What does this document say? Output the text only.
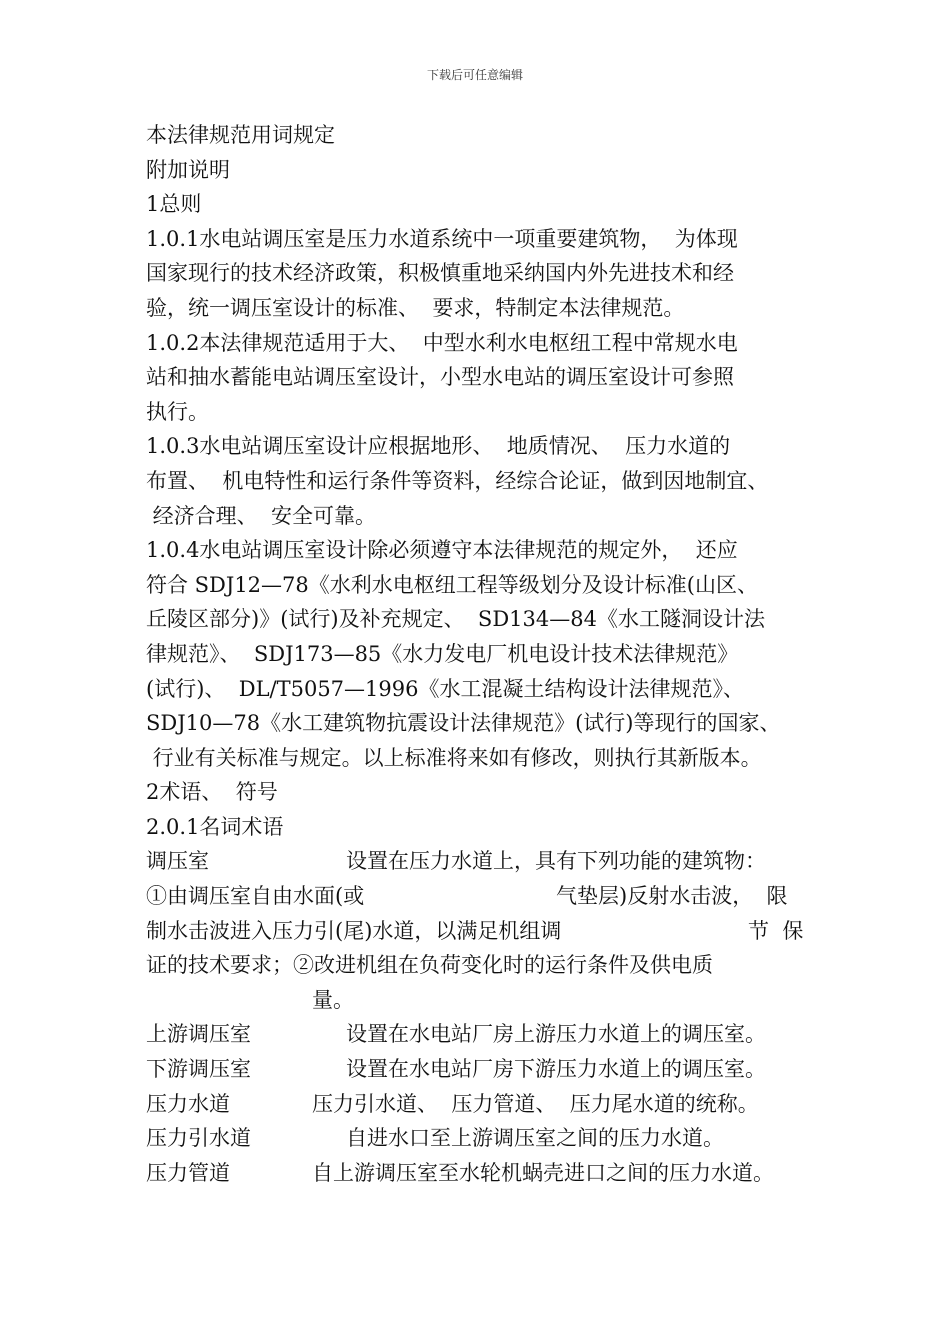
下载后可任意编辑
本法律规范用词规定
附加说明
1总则
1.0.1水电站调压室是压力水道系统中一项重要建筑物，  为体现
国家现行的技术经济政策，积极慎重地采纳国内外先进技术和经
验，统一调压室设计的标准、  要求，特制定本法律规范。
1.0.2本法律规范适用于大、  中型水利水电枢纽工程中常规水电
站和抽水蓄能电站调压室设计，小型水电站的调压室设计可参照
执行。
1.0.3水电站调压室设计应根据地形、  地质情况、  压力水道的
布置、  机电特性和运行条件等资料，经综合论证，做到因地制宜、
经济合理、  安全可靠。
1.0.4水电站调压室设计除必须遵守本法律规范的规定外，  还应
符合 SDJ12—78《水利水电枢纽工程等级划分及设计标准(山区、
丘陵区部分)》(试行)及补充规定、  SD134—84《水工隧洞设计法
律规范》、  SDJ173—85《水力发电厂机电设计技术法律规范》
(试行)、  DL/T5057—1996《水工混凝土结构设计法律规范》、
SDJ10—78《水工建筑物抗震设计法律规范》(试行)等现行的国家、
行业有关标准与规定。以上标准将来如有修改，则执行其新版本。
2术语、  符号
2.0.1名词术语

调压室

	设置在压力水道上，具有下列功能的建筑物：

①由调压室自由水面(或

	气垫层)反射水击波，  限

制水击波进入压力引(尾)水道，以满足机组调

	节  保

证的技术要求；②改进机组在负荷变化时的运行条件及供电质

量。

上游调压室

	设置在水电站厂房上游压力水道上的调压室。

下游调压室

	设置在水电站厂房下游压力水道上的调压室。

压力水道

	压力引水道、  压力管道、  压力尾水道的统称。

压力引水道

	自进水口至上游调压室之间的压力水道。

压力管道

	自上游调压室至水轮机蜗壳进口之间的压力水道。
